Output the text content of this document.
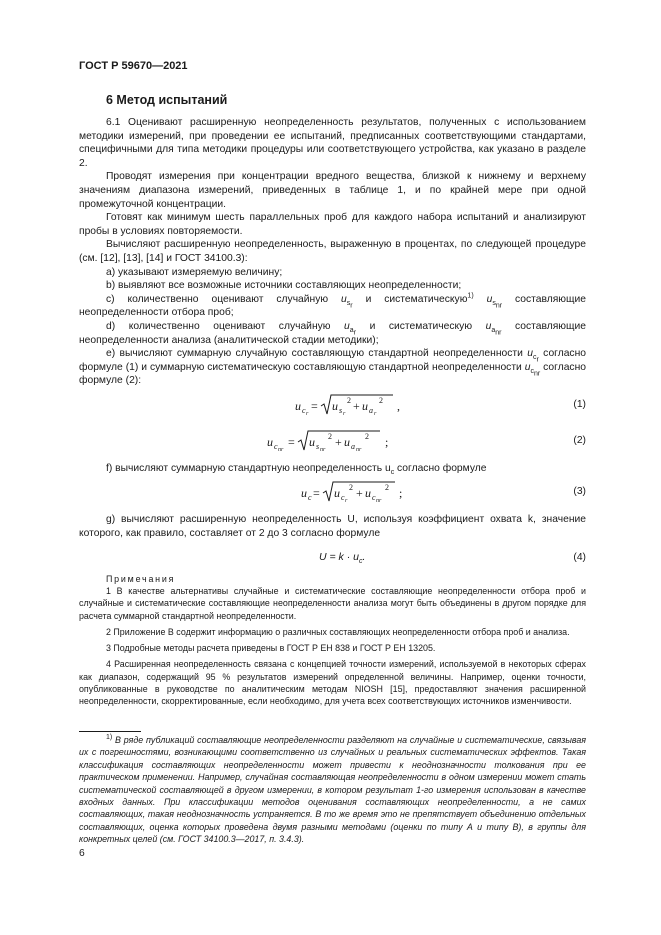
ГОСТ Р 59670—2021
6 Метод испытаний

6.1 Оценивают расширенную неопределенность результатов, полученных с использованием методики измерений, при проведении ее испытаний, предписанных соответствующими стандартами, специфичными для типа методики процедуры или соответствующего устройства, как указано в разделе 2.

Проводят измерения при концентрации вредного вещества, близкой к нижнему и верхнему значениям диапазона измерений, приведенных в таблице 1, и по крайней мере при одной промежуточной концентрации.

Готовят как минимум шесть параллельных проб для каждого набора испытаний и анализируют пробы в условиях повторяемости.

Вычисляют расширенную неопределенность, выраженную в процентах, по следующей процедуре (см. [12], [13], [14] и ГОСТ 34100.3):

a) указывают измеряемую величину;

b) выявляют все возможные источники составляющих неопределенности;

c) количественно оценивают случайную $u_{s_r}$ и систематическую$^{1)}$ $u_{s_{nr}}$ составляющие неопределенности отбора проб;

d) количественно оценивают случайную $u_{a_r}$ и систематическую $u_{a_{nr}}$ составляющие неопределенности анализа (аналитической стадии методики);

e) вычисляют суммарную случайную составляющую стандартной неопределенности $u_{c_r}$ согласно формуле (1) и суммарную систематическую составляющую стандартной неопределенности $u_{c_{nr}}$ согласно формуле (2):

u c r
= u s r
2 + u a r
2 ,	(1)
u c nr
= u s nr
2 + u a nr
2 ;	(2)

f) вычисляют суммарную стандартную неопределенность $u_c$ согласно формуле

u c = u c r
2 + u c nr
2 ;	(3)

g) вычисляют расширенную неопределенность U, используя коэффициент охвата k, значение которого, как правило, составляет от 2 до 3 согласно формуле

$U = k \cdot u_c$.	(4)

Примечания

1 В качестве альтернативы случайные и систематические составляющие неопределенности отбора проб и случайные и систематические составляющие неопределенности анализа могут быть объединены в другом порядке для расчета суммарной стандартной неопределенности.

2 Приложение В содержит информацию о различных составляющих неопределенности отбора проб и анализа.

3 Подробные методы расчета приведены в ГОСТ Р ЕН 838 и ГОСТ Р ЕН 13205.

4 Расширенная неопределенность связана с концепцией точности измерений, используемой в некоторых сферах как диапазон, содержащий 95 % результатов измерений определенной величины. Например, оценки точности, опубликованные в руководстве по аналитическим методам NIOSH [15], предоставляют значения расширенной неопределенности, скорректированные, если необходимо, для учета всех соответствующих источников изменчивости.

$^{1)}$ В ряде публикаций составляющие неопределенности разделяют на случайные и систематические, связывая их с погрешностями, возникающими соответственно из случайных и реальных систематических эффектов. Такая классификация составляющих неопределенности может привести к неоднозначности толкования при ее практическом применении. Например, случайная составляющая неопределенности в одном измерении может стать систематической составляющей в другом измерении, в котором результат 1-го измерения использован в качестве входных данных. При классификации методов оценивания составляющих неопределенности, а не самих составляющих, такая неоднозначность устраняется. В то же время это не препятствует объединению отдельных составляющих, оценка которых проведена двумя разными методами (оценки по типу А и типу В), в группы для конкретных целей (см. ГОСТ 34100.3—2017, п. 3.4.3).
6
